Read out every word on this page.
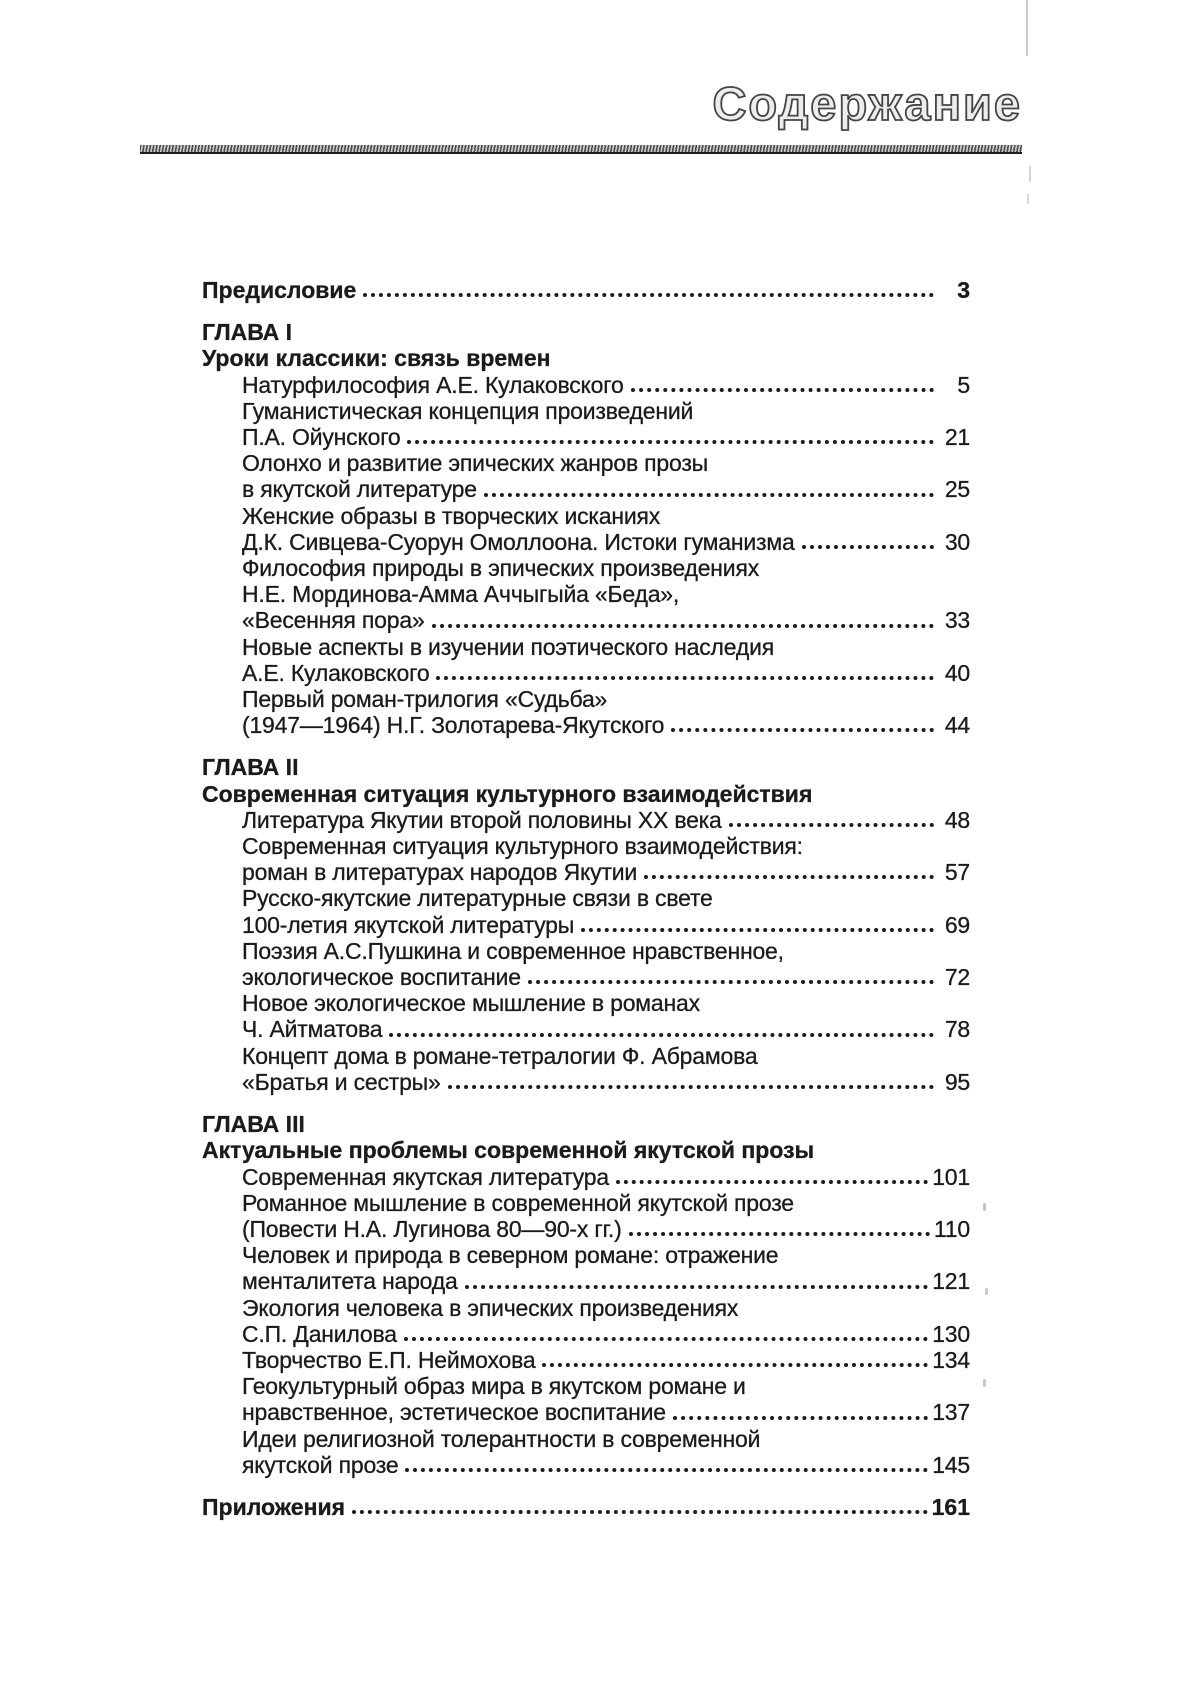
Содержание
Предисловие	3
ГЛАВА I
Уроки классики: связь времен
Натурфилософия А.Е. Кулаковского	5
Гуманистическая концепция произведений
П.А. Ойунского	21
Олонхо и развитие эпических жанров прозы
в якутской литературе	25
Женские образы в творческих исканиях
Д.К. Сивцева-Суорун Омоллоона. Истоки гуманизма	30
Философия природы в эпических произведениях
Н.Е. Мординова-Амма Аччыгыйа «Беда»,
«Весенняя пора»	33
Новые аспекты в изучении поэтического наследия
А.Е. Кулаковского	40
Первый роман-трилогия «Судьба»
(1947—1964) Н.Г. Золотарева-Якутского	44
ГЛАВА II
Современная ситуация культурного взаимодействия
Литература Якутии второй половины XX века	48
Современная ситуация культурного взаимодействия:
роман в литературах народов Якутии	57
Русско-якутские литературные связи в свете
100-летия якутской литературы	69
Поэзия А.С.Пушкина и современное нравственное,
экологическое воспитание	72
Новое экологическое мышление в романах
Ч. Айтматова	78
Концепт дома в романе-тетралогии Ф. Абрамова
«Братья и сестры»	95
ГЛАВА III
Актуальные проблемы современной якутской прозы
Современная якутская литература	101
Романное мышление в современной якутской прозе
(Повести Н.А. Лугинова 80—90-х гг.)	110
Человек и природа в северном романе: отражение
менталитета народа	121
Экология человека в эпических произведениях
С.П. Данилова	130
Творчество Е.П. Неймохова	134
Геокультурный образ мира в якутском романе и
нравственное, эстетическое воспитание	137
Идеи религиозной толерантности в современной
якутской прозе	145
Приложения	161
